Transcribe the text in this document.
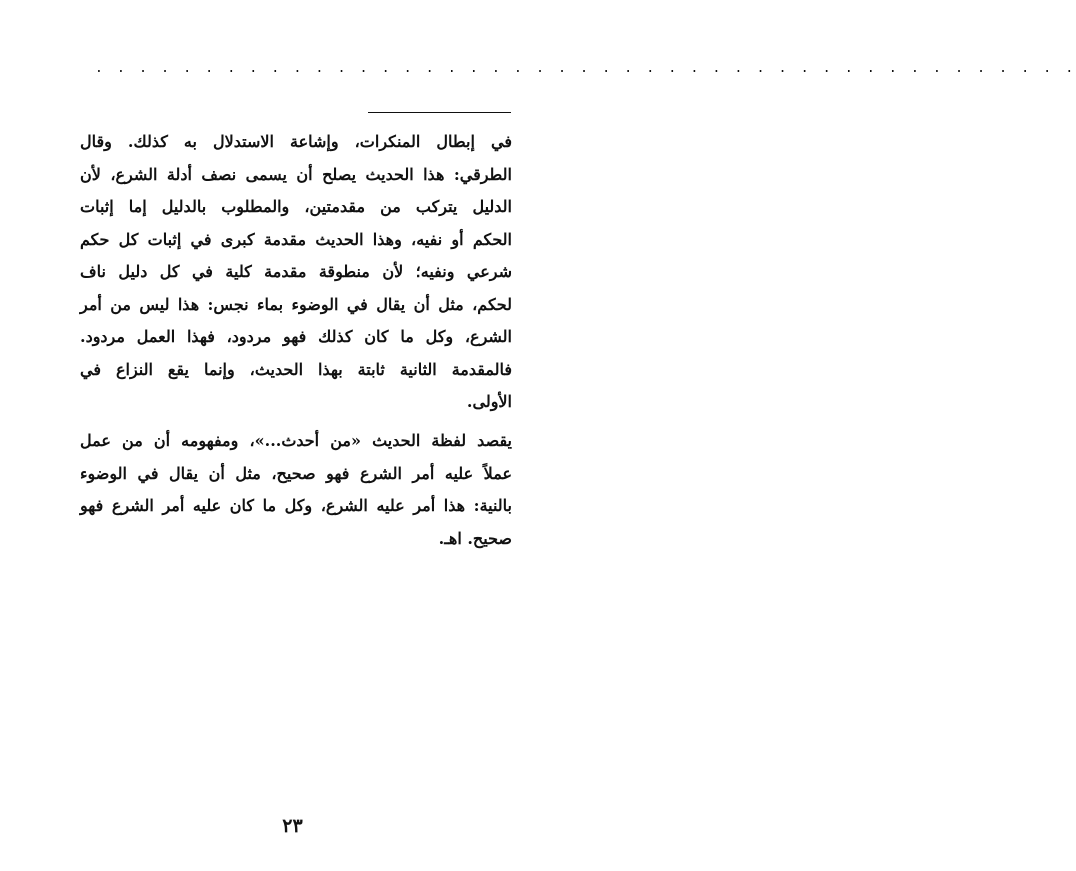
. . . . . . . . . . . . . . . . . . . . . . . . . . . . . . . . . . . . . . . . . . . . .
في إبطال المنكرات، وإشاعة الاستدلال به كذلك. وقال
الطرقي: هذا الحديث يصلح أن يسمى نصف أدلة الشرع، لأن
الدليل يتركب من مقدمتين، والمطلوب بالدليل إما إثبات
الحكم أو نفيه، وهذا الحديث مقدمة كبرى في إثبات كل حكم
شرعي ونفيه؛ لأن منطوقة مقدمة كلية في كل دليل ناف
لحكم، مثل أن يقال في الوضوء بماء نجس: هذا ليس من أمر
الشرع، وكل ما كان كذلك فهو مردود، فهذا العمل مردود.
فالمقدمة الثانية ثابتة بهذا الحديث، وإنما يقع النزاع في
الأولى.
يقصد لفظة الحديث «من أحدث...»، ومفهومه أن من عمل
عملاً عليه أمر الشرع فهو صحيح، مثل أن يقال في الوضوء
بالنية: هذا أمر عليه الشرع، وكل ما كان عليه أمر الشرع فهو
صحيح. اهـ.
٢٣
